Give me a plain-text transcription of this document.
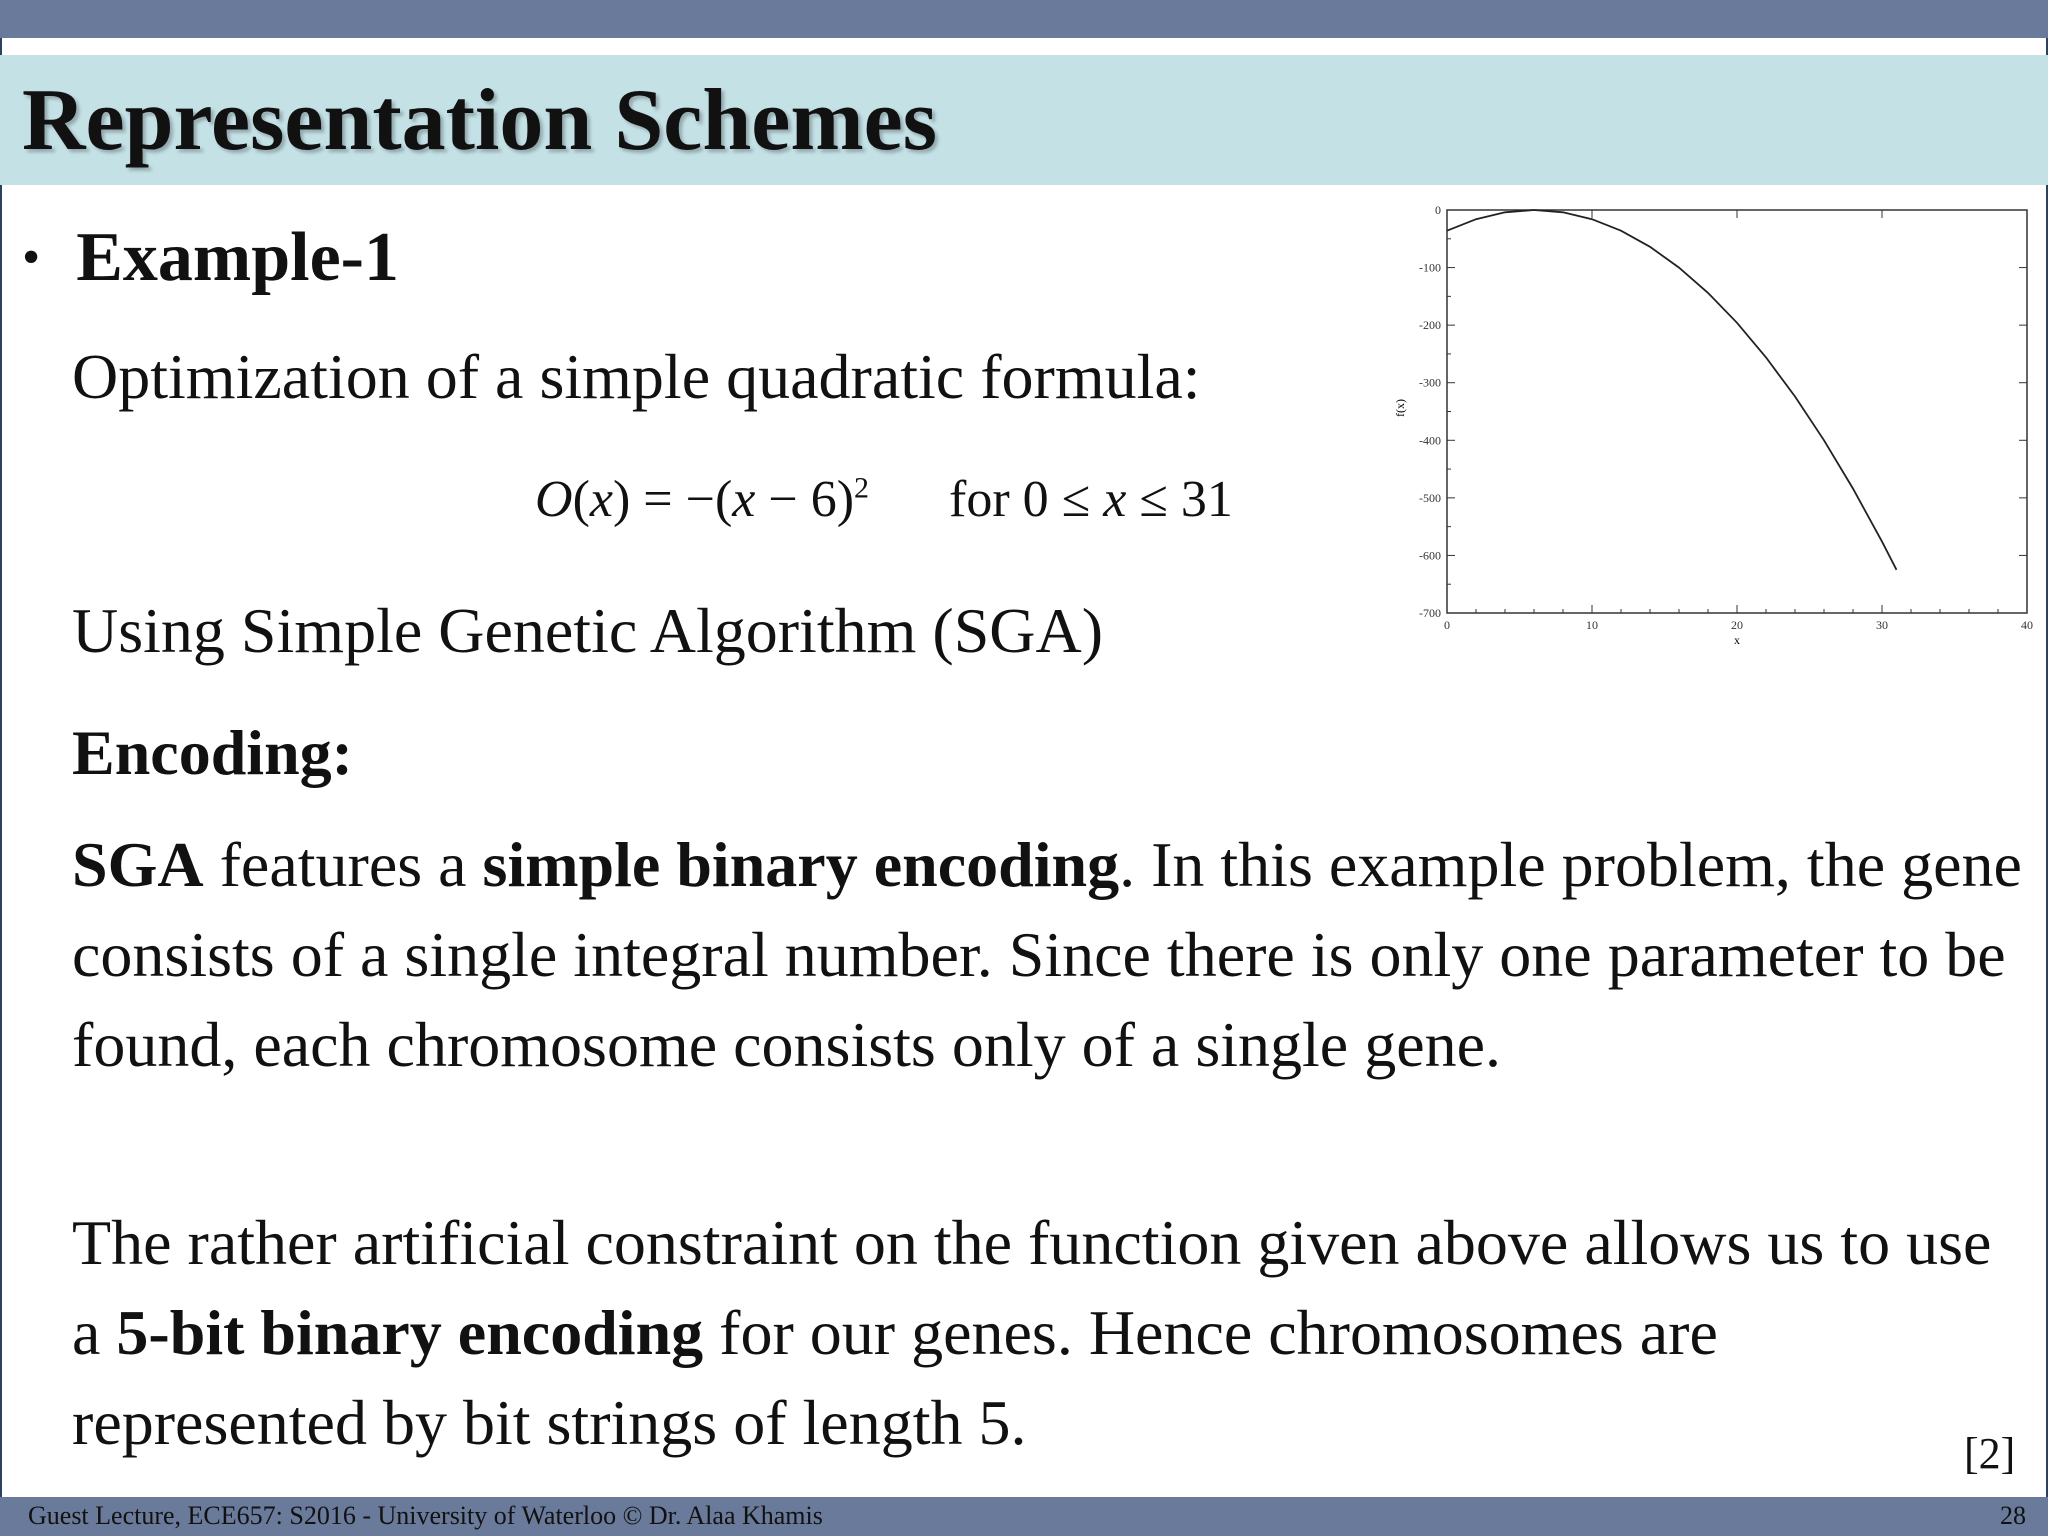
Representation Schemes
• Example-1
Optimization of a simple quadratic formula:
$O(x) = -(x - 6)^2$ for 0 ≤ x ≤ 31
Using Simple Genetic Algorithm (SGA)
Encoding:
SGA features a simple binary encoding. In this example problem, the gene consists of a single integral number. Since there is only one parameter to be found, each chromosome consists only of a single gene.
The rather artificial constraint on the function given above allows us to use a 5-bit binary encoding for our genes. Hence chromosomes are represented by bit strings of length 5.	[2]
0
-100
-200
-300
-400
-500
-600
-700
0	10	20	30	40
x
f(x)
Guest Lecture, ECE657: S2016 - University of Waterloo © Dr. Alaa Khamis	28
